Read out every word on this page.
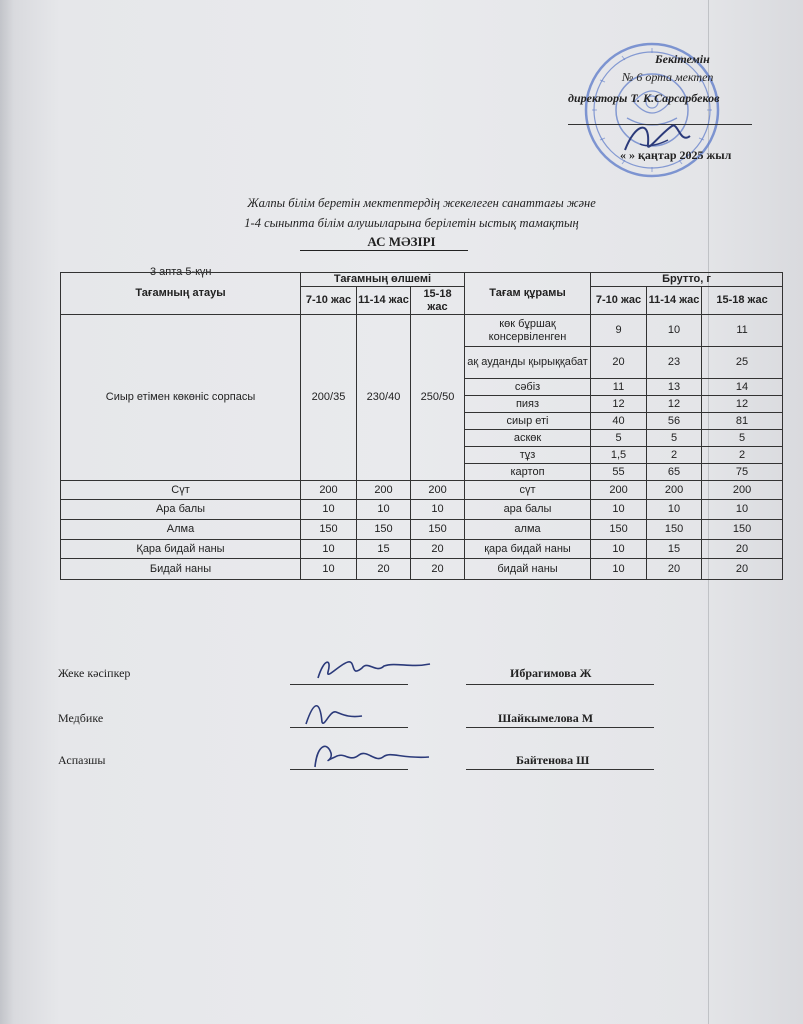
Бекітемін
№ 6 орта мектеп
директоры Т. К.Сарсарбеков
« » қаңтар 2025 жыл
Жалпы білім беретін мектептердің жекелеген санаттағы және
1-4 сыныпта білім алушыларына берілетін ыстық тамақтың
АС МӘЗІРІ
3 апта 5-күн
Тағамның атауы	Тағамның өлшемі			Тағам құрамы	Брутто, г		
	7-10 жас	11-14 жас	15-18 жас		7-10 жас	11-14 жас	15-18 жас
Сиыр етімен көкөніс сорпасы	200/35	230/40	250/50	көк бұршақ консервіленген	9	10	11
				ақ ауданды қырыққабат	20	23	25
				сәбіз	11	13	14
				пияз	12	12	12
				сиыр еті	40	56	81
				аскөк	5	5	5
				тұз	1,5	2	2
				картоп	55	65	75
Сүт	200	200	200	сүт	200	200	200
Ара балы	10	10	10	ара балы	10	10	10
Алма	150	150	150	алма	150	150	150
Қара бидай наны	10	15	20	қара бидай наны	10	15	20
Бидай наны	10	20	20	бидай наны	10	20	20
Жеке кәсіпкер	Ибрагимова Ж
Медбике	Шайкымелова М
Аспазшы	Байтенова Ш
